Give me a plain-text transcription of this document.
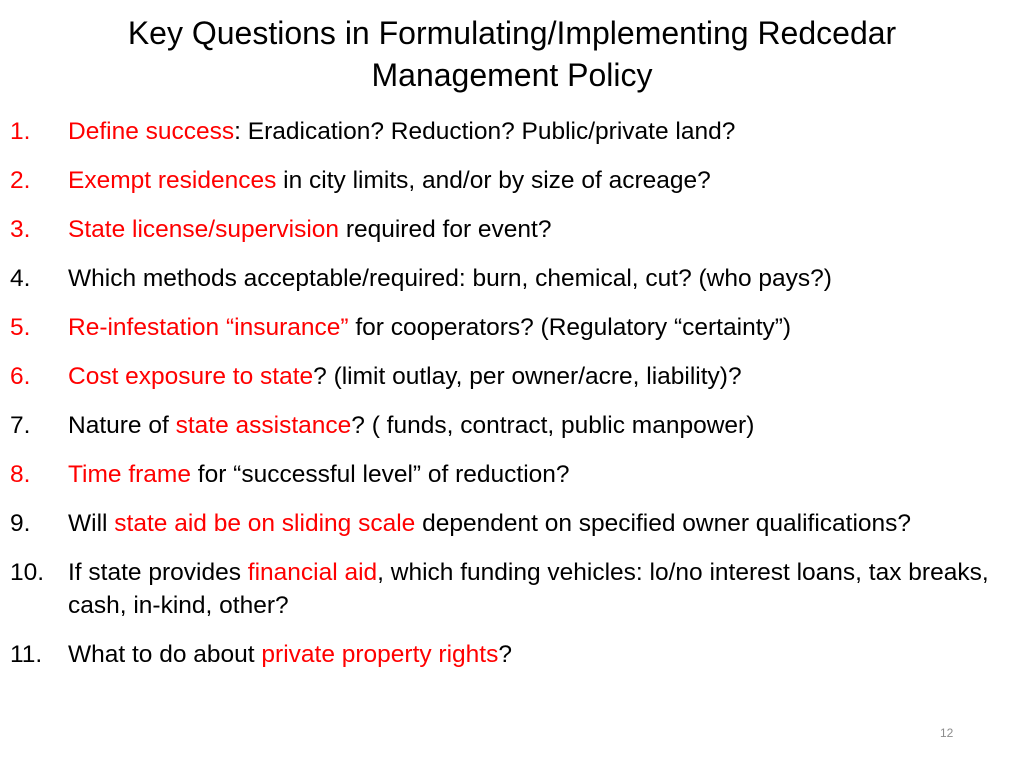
Key Questions in Formulating/Implementing Redcedar
Management Policy
1.	Define success: Eradication? Reduction? Public/private land?
2.	Exempt residences in city limits, and/or by size of acreage?
3.	State license/supervision required for event?
4.	Which methods acceptable/required: burn, chemical, cut? (who pays?)
5.	Re-infestation “insurance” for cooperators? (Regulatory “certainty”)
6.	Cost exposure to state? (limit outlay, per owner/acre, liability)?
7.	Nature of state assistance? ( funds, contract, public manpower)
8.	Time frame for “successful level” of reduction?
9.	Will state aid be on sliding scale dependent on specified owner qualifications?
10. If state provides financial aid, which funding vehicles: lo/no interest loans, tax breaks, cash, in-kind, other?
11.	What to do about private property rights?
12
